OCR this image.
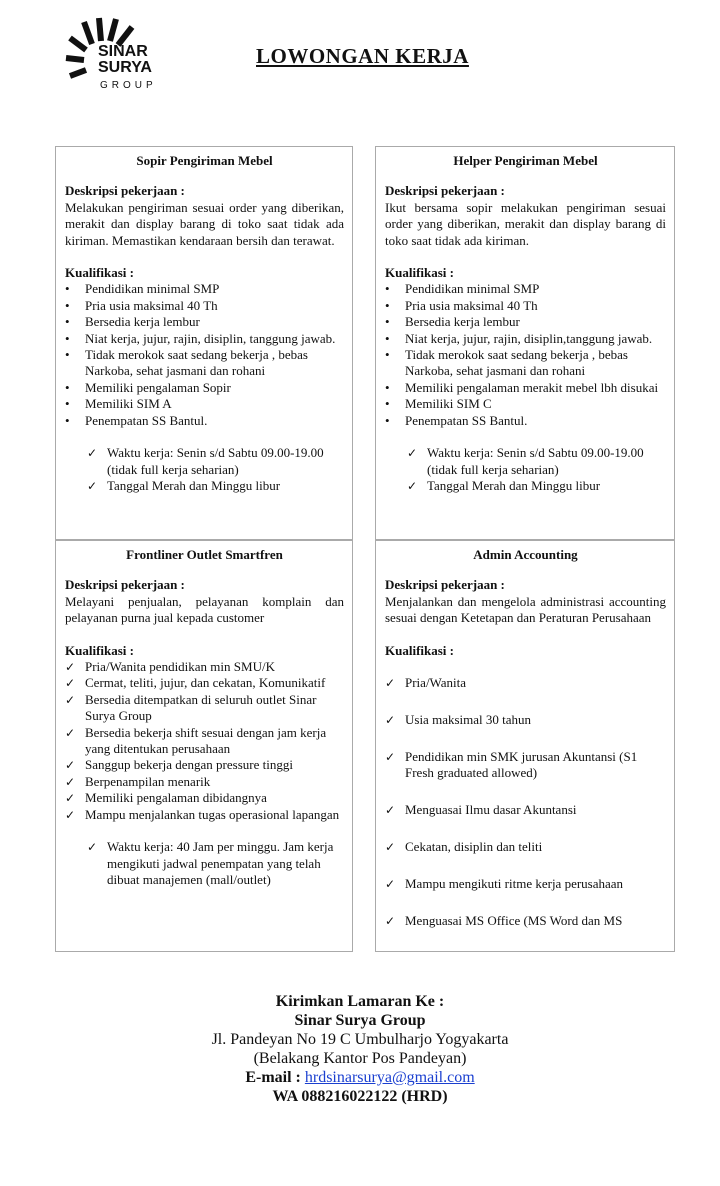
SINAR
SURYA
GROUP
LOWONGAN KERJA
Sopir Pengiriman Mebel
Deskripsi pekerjaan :

Melakukan pengiriman sesuai order yang diberikan, merakit dan display barang di toko saat tidak ada kiriman. Memastikan kendaraan bersih dan terawat.

Kualifikasi :
• Pendidikan minimal SMP
• Pria usia maksimal 40 Th
• Bersedia kerja lembur
• Niat kerja, jujur, rajin, disiplin, tanggung jawab.
• Tidak merokok saat sedang bekerja , bebas Narkoba, sehat jasmani dan rohani
• Memiliki pengalaman Sopir
• Memiliki SIM A
• Penempatan SS Bantul.
✓ Waktu kerja: Senin s/d Sabtu 09.00-19.00 (tidak full kerja seharian)
✓ Tanggal Merah dan Minggu libur
Helper Pengiriman Mebel
Deskripsi pekerjaan :

Ikut bersama sopir melakukan pengiriman sesuai order yang diberikan, merakit dan display barang di toko saat tidak ada kiriman.

Kualifikasi :
• Pendidikan minimal SMP
• Pria usia maksimal 40 Th
• Bersedia kerja lembur
• Niat kerja, jujur, rajin, disiplin,tanggung jawab.
• Tidak merokok saat sedang bekerja , bebas Narkoba, sehat jasmani dan rohani
• Memiliki pengalaman merakit mebel lbh disukai
• Memiliki SIM C
• Penempatan SS Bantul.
✓ Waktu kerja: Senin s/d Sabtu 09.00-19.00 (tidak full kerja seharian)
✓ Tanggal Merah dan Minggu libur
Frontliner Outlet Smartfren
Deskripsi pekerjaan :

Melayani penjualan, pelayanan komplain dan pelayanan purna jual kepada customer

Kualifikasi :
✓ Pria/Wanita pendidikan min SMU/K
✓ Cermat, teliti, jujur, dan cekatan, Komunikatif
✓ Bersedia ditempatkan di seluruh outlet Sinar Surya Group
✓ Bersedia bekerja shift sesuai dengan jam kerja yang ditentukan perusahaan
✓ Sanggup bekerja dengan pressure tinggi
✓ Berpenampilan menarik
✓ Memiliki pengalaman dibidangnya
✓ Mampu menjalankan tugas operasional lapangan
✓ Waktu kerja: 40 Jam per minggu. Jam kerja mengikuti jadwal penempatan yang telah dibuat manajemen (mall/outlet)
Admin Accounting
Deskripsi pekerjaan :

Menjalankan dan mengelola administrasi accounting sesuai dengan Ketetapan dan Peraturan Perusahaan

Kualifikasi :
✓ Pria/Wanita
✓ Usia maksimal 30 tahun
✓ Pendidikan min SMK jurusan Akuntansi (S1 Fresh graduated allowed)
✓ Menguasai Ilmu dasar Akuntansi
✓ Cekatan, disiplin dan teliti
✓ Mampu mengikuti ritme kerja perusahaan
✓ Menguasai MS Office (MS Word dan MS
Kirimkan Lamaran Ke :
Sinar Surya Group
Jl. Pandeyan No 19 C Umbulharjo Yogyakarta
(Belakang Kantor Pos Pandeyan)
E-mail : hrdsinarsurya@gmail.com
WA 088216022122 (HRD)
